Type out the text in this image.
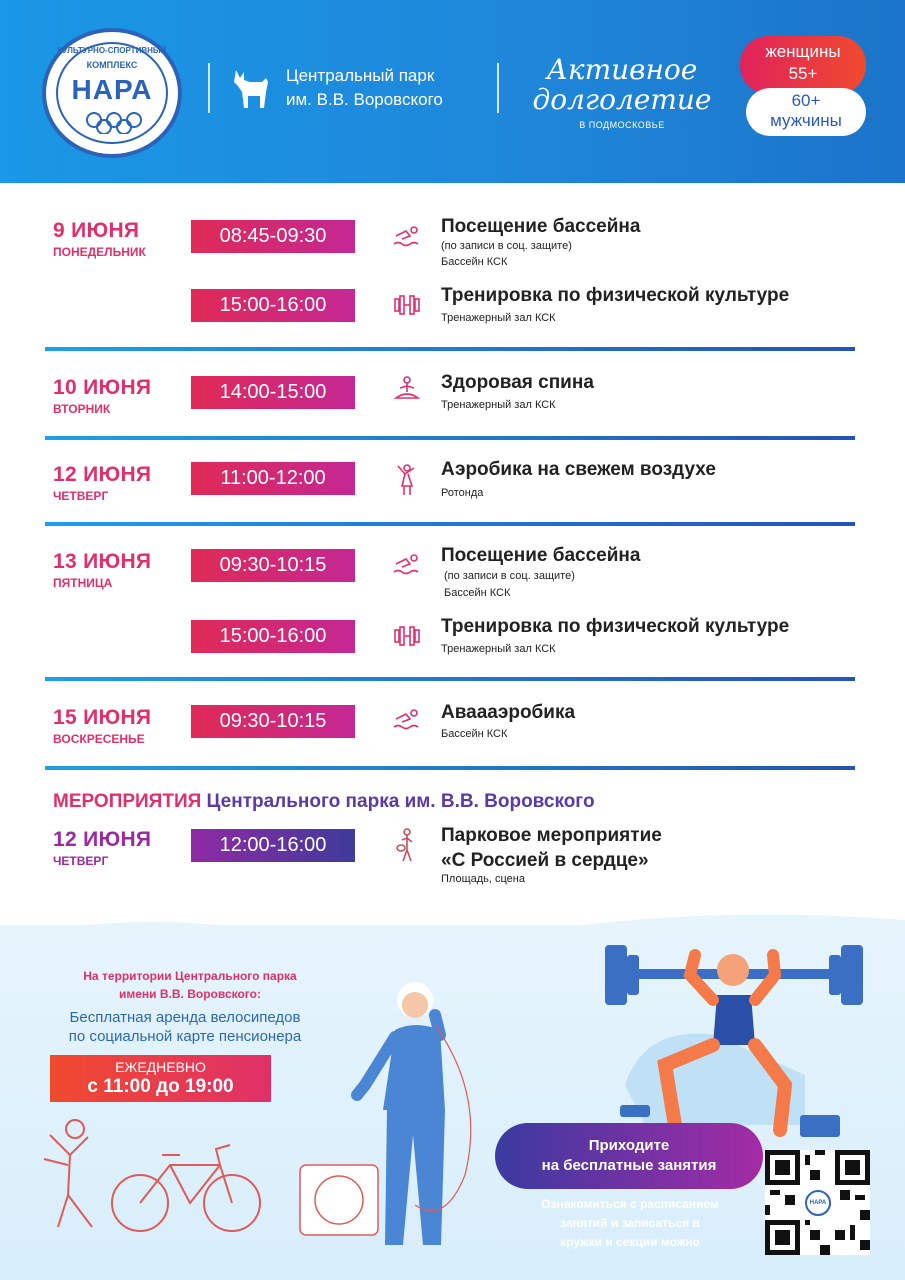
КУЛЬТУРНО-СПОРТИВНЫЙ
КОМПЛЕКС
НАРА	Центральный парк
им. В.В. Воровского
Активное
долголетие
В ПОДМОСКОВЬЕ
женщины
55+
60+
мужчины
9 ИЮНЯ
ПОНЕДЕЛЬНИК
08:45-09:30	Посещение бассейна
(по записи в соц. защите)
Бассейн КСК
15:00-16:00	Тренировка по физической культуре
Тренажерный зал КСК
10 ИЮНЯ
ВТОРНИК
14:00-15:00	Здоровая спина
Тренажерный зал КСК
12 ИЮНЯ
ЧЕТВЕРГ
11:00-12:00	Аэробика на свежем воздухе
Ротонда
13 ИЮНЯ
ПЯТНИЦА
09:30-10:15	Посещение бассейна
(по записи в соц. защите)
Бассейн КСК
15:00-16:00	Тренировка по физической культуре
Тренажерный зал КСК
15 ИЮНЯ
ВОСКРЕСЕНЬЕ
09:30-10:15	Аваааэробика
Бассейн КСК
МЕРОПРИЯТИЯ Центрального парка им. В.В. Воровского
12 ИЮНЯ
ЧЕТВЕРГ
12:00-16:00	Парковое мероприятие
«С Россией в сердце»
Площадь, сцена
На территории Центрального парка
имени В.В. Воровского:
Бесплатная аренда велосипедов
по социальной карте пенсионера
ЕЖЕДНЕВНО
с 11:00 до 19:00
Приходите
на бесплатные занятия
Ознакомиться с расписанием
занятий и записаться в
кружки и секции можно
НАРА
